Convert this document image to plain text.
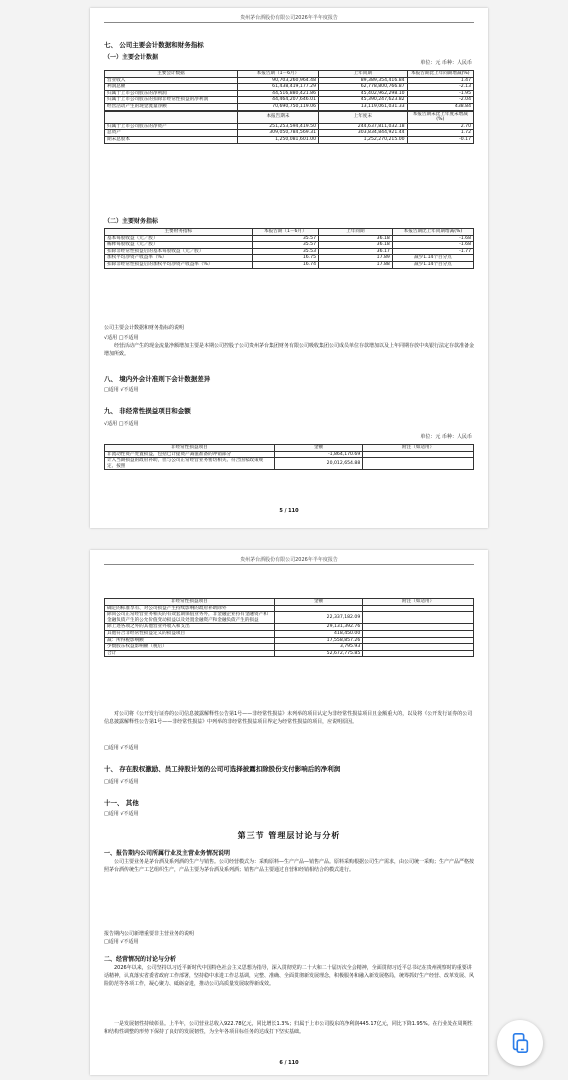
贵州茅台酒股份有限公司2026年半年度报告
七、 公司主要会计数据和财务指标
（一）主要会计数据
单位：元 币种：人民币
主要会计数据	本报告期（1－6月）	上年同期	本报告期比上年同期增减(%)
营业收入	90,703,260,964.48	89,389,354,416.84	1.47
利润总额	61,438,419,177.29	62,778,800,766.87	-2.13
归属于上市公司股东的净利润	44,516,880,421.86	45,402,962,298.10	-1.95
归属于上市公司股东的扣除非经常性损益的净利润	44,464,207,646.01	45,390,247,623.82	-2.04
经营活动产生的现金流量净额	70,690,750,119.06	13,119,061,031.33	438.84
	本报告期末	上年度末	本报告期末比上年度末增减(%)
归属于上市公司股东的净资产	251,253,594,419.50	244,637,811,032.18	2.70
总资产	309,050,784,569.31	303,834,844,921.44	1.72
期末总股本	1,250,081,601.00	1,252,270,215.00	-0.17
（二）主要财务指标
主要财务指标	本报告期（1－6月）	上年同期	本报告期比上年同期增减(%)
基本每股收益（元／股）	35.57	36.18	-1.68
稀释每股收益（元／股）	35.57	36.18	-1.68
扣除非经常性损益后的基本每股收益（元／股）	35.53	36.17	-1.77
加权平均净资产收益率（%）	16.75	17.89	减少1.14个百分点
扣除非经常性损益后的加权平均净资产收益率（%）	16.74	17.88	减少1.14个百分点
公司主要会计数据和财务指标的说明
√适用 □不适用
经营活动产生的现金流量净额增加主要是本期公司控股子公司贵州茅台集团财务有限公司吸收集团公司成员单位存款增加以及上年同期存放中央银行法定存款准备金增加所致。
八、 境内外会计准则下会计数据差异
□适用 √不适用
九、 非经常性损益项目和金额
√适用 □不适用
单位：元 币种：人民币
非经常性损益项目	金额	附注（如适用）
非流动性资产处置损益，包括已计提资产减值准备的冲销部分	-1,864,170.69	
计入当期损益的政府补助，但与公司正常经营业务密切相关、符合国家政策规定、按照	20,012,654.88	
5 / 110
贵州茅台酒股份有限公司2026年半年度报告
非经常性损益项目	金额	附注（如适用）
确定的标准享有、对公司损益产生持续影响的政府补助除外		
除同公司正常经营业务相关的有效套期保值业务外，非金融企业持有金融资产和金融负债产生的公允价值变动损益以及处置金融资产和金融负债产生的损益	22,337,182.09	
除上述各项之外的其他营业外收入和支出	29,131,392.76	
其他符合非经常性损益定义的损益项目	418,450.00	
减：所得税影响额	17,558,857.26	
少数股东权益影响额（税后）	3,795.93	
合计	52,672,775.85	
对公司将《公开发行证券的公司信息披露解释性公告第1号——非经常性损益》未列举的项目认定为非经常性损益项目且金额重大的，以及将《公开发行证券的公司信息披露解释性公告第1号——非经常性损益》中列举的非经常性损益项目界定为经常性损益的项目，应说明原因。
□适用 √不适用
十、 存在股权激励、员工持股计划的公司可选择披露扣除股份支付影响后的净利润
□适用 √不适用
十一、 其他
□适用 √不适用
第三节 管理层讨论与分析
一、报告期内公司所属行业及主营业务情况说明
公司主要业务是茅台酒及系列酒的生产与销售。公司经营模式为：采购原料—生产产品—销售产品。原料采购根据公司生产需求，由公司统一采购；生产产品严格按照茅台酒传统生产工艺组织生产，产品主要为茅台酒及系列酒；销售产品主要通过自营和经销相结合的模式进行。
报告期内公司新增重要非主营业务的说明
□适用 √不适用
二、经营情况的讨论与分析
2026年以来，公司坚持以习近平新时代中国特色社会主义思想为指导，深入贯彻党的二十大和二十届历次全会精神，全面贯彻习近平总书记在贵州视察时的重要讲话精神，认真落实省委省政府工作部署，坚持稳中求进工作总基调，完整、准确、全面贯彻新发展理念，积极服务和融入新发展格局，统筹抓好生产经营、改革发展、风险防范等各项工作，凝心聚力、砥砺奋进，推动公司高质量发展取得新成效。
一是发展韧性持续彰显。上半年，公司营业总收入922.78亿元，同比增长1.3%；归属于上市公司股东的净利润445.17亿元，同比下降1.95%。在行业处在周期性和结构性调整的形势下保持了良好的发展韧性，为全年各项目标任务的达成打下坚实基础。
6 / 110
